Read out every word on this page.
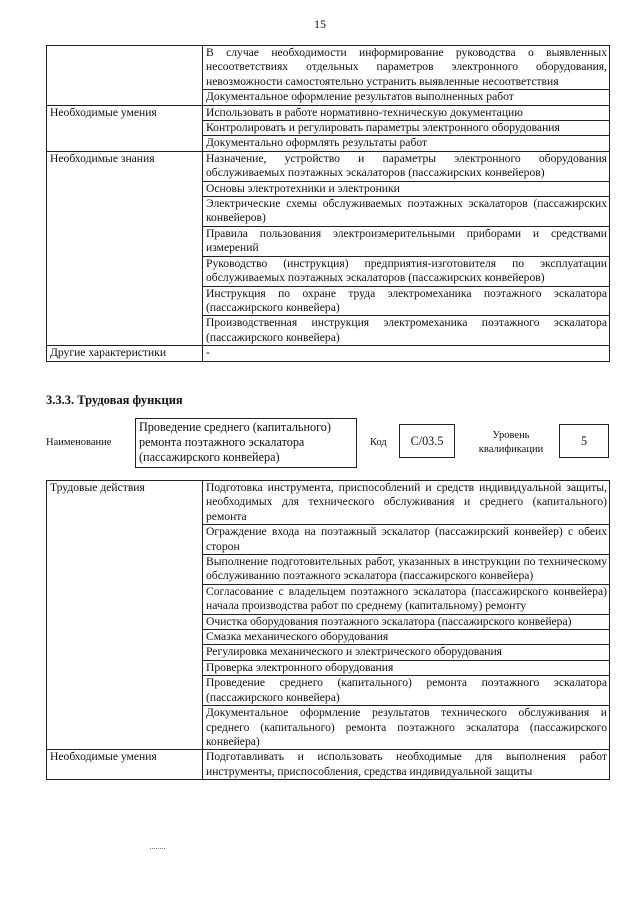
15
	В случае необходимости информирование руководства о выявленных несоответствиях отдельных параметров электронного оборудования, невозможности самостоятельно устранить выявленные несоответствия
	Документальное оформление результатов выполненных работ
Необходимые умения	Использовать в работе нормативно-техническую документацию
	Контролировать и регулировать параметры электронного оборудования
	Документально оформлять результаты работ
Необходимые знания	Назначение, устройство и параметры электронного оборудования обслуживаемых поэтажных эскалаторов (пассажирских конвейеров)
	Основы электротехники и электроники
	Электрические схемы обслуживаемых поэтажных эскалаторов (пассажирских конвейеров)
	Правила пользования электроизмерительными приборами и средствами измерений
	Руководство (инструкция) предприятия-изготовителя по эксплуатации обслуживаемых поэтажных эскалаторов (пассажирских конвейеров)
	Инструкция по охране труда электромеханика поэтажного эскалатора (пассажирского конвейера)
	Производственная инструкция электромеханика поэтажного эскалатора (пассажирского конвейера)
Другие характеристики	-
3.3.3. Трудовая функция
Наименование
Проведение среднего (капитального) ремонта поэтажного эскалатора (пассажирского конвейера)
Код	С/03.5	Уровень
квалификации
5
Трудовые действия	Подготовка инструмента, приспособлений и средств индивидуальной защиты, необходимых для технического обслуживания и среднего (капитального) ремонта
	Ограждение входа на поэтажный эскалатор (пассажирский конвейер) с обеих сторон
	Выполнение подготовительных работ, указанных в инструкции по техническому обслуживанию поэтажного эскалатора (пассажирского конвейера)
	Согласование с владельцем поэтажного эскалатора (пассажирского конвейера) начала производства работ по среднему (капитальному) ремонту
	Очистка оборудования поэтажного эскалатора (пассажирского конвейера)
	Смазка механического оборудования
	Регулировка механического и электрического оборудования
	Проверка электронного оборудования
	Проведение среднего (капитального) ремонта поэтажного эскалатора (пассажирского конвейера)
	Документальное оформление результатов технического обслуживания и среднего (капитального) ремонта поэтажного эскалатора (пассажирского конвейера)
Необходимые умения	Подготавливать и использовать необходимые для выполнения работ инструменты, приспособления, средства индивидуальной защиты
